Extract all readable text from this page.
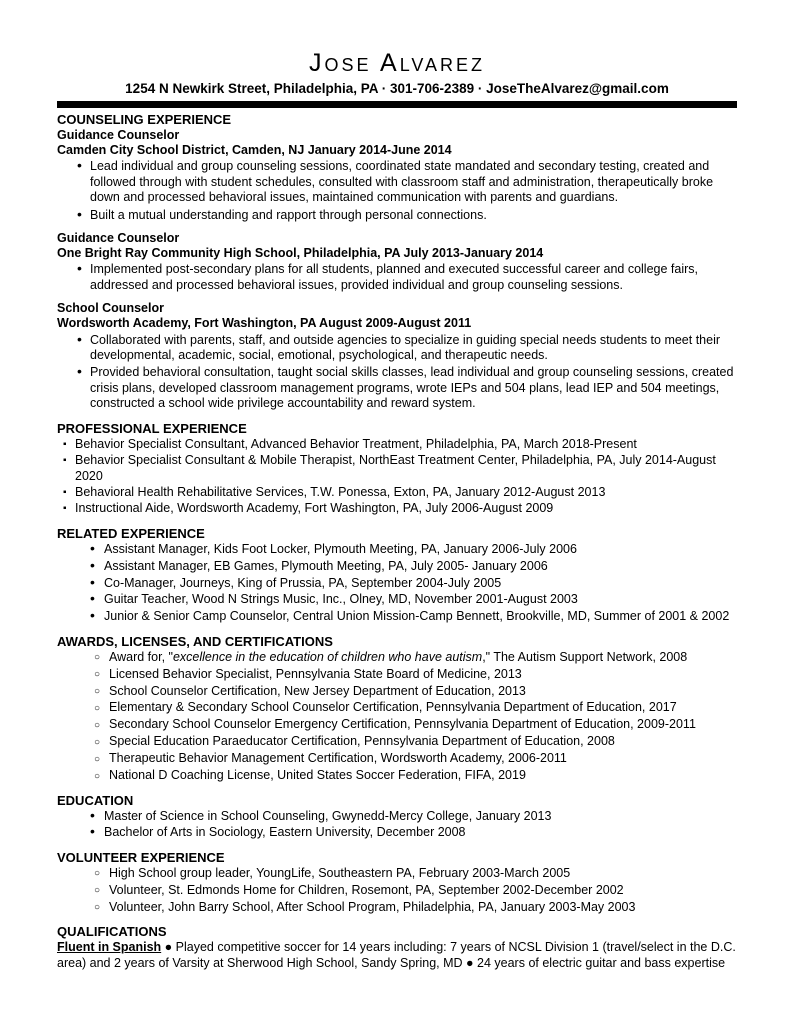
Jose Alvarez
1254 N Newkirk Street, Philadelphia, PA · 301-706-2389 · JoseTheAlvarez@gmail.com
COUNSELING EXPERIENCE

Guidance Counselor

Camden City School District, Camden, NJ January 2014-June 2014

• Lead individual and group counseling sessions, coordinated state mandated and secondary testing, created and followed through with student schedules, consulted with classroom staff and administration, therapeutically broke down and processed behavioral issues, maintained communication with parents and guardians.
• Built a mutual understanding and rapport through personal connections.

Guidance Counselor

One Bright Ray Community High School, Philadelphia, PA July 2013-January 2014

• Implemented post-secondary plans for all students, planned and executed successful career and college fairs, addressed and processed behavioral issues, provided individual and group counseling sessions.

School Counselor

Wordsworth Academy, Fort Washington, PA August 2009-August 2011

• Collaborated with parents, staff, and outside agencies to specialize in guiding special needs students to meet their developmental, academic, social, emotional, psychological, and therapeutic needs.
• Provided behavioral consultation, taught social skills classes, lead individual and group counseling sessions, created crisis plans, developed classroom management programs, wrote IEPs and 504 plans, lead IEP and 504 meetings, constructed a school wide privilege accountability and reward system.
PROFESSIONAL EXPERIENCE
▪ Behavior Specialist Consultant, Advanced Behavior Treatment, Philadelphia, PA, March 2018-Present
▪ Behavior Specialist Consultant & Mobile Therapist, NorthEast Treatment Center, Philadelphia, PA, July 2014-August 2020
▪ Behavioral Health Rehabilitative Services, T.W. Ponessa, Exton, PA, January 2012-August 2013
▪ Instructional Aide, Wordsworth Academy, Fort Washington, PA, July 2006-August 2009
RELATED EXPERIENCE
• Assistant Manager, Kids Foot Locker, Plymouth Meeting, PA, January 2006-July 2006
• Assistant Manager, EB Games, Plymouth Meeting, PA, July 2005- January 2006
• Co-Manager, Journeys, King of Prussia, PA, September 2004-July 2005
• Guitar Teacher, Wood N Strings Music, Inc., Olney, MD, November 2001-August 2003
• Junior & Senior Camp Counselor, Central Union Mission-Camp Bennett, Brookville, MD, Summer of 2001 & 2002
AWARDS, LICENSES, AND CERTIFICATIONS
○ Award for, "excellence in the education of children who have autism," The Autism Support Network, 2008
○ Licensed Behavior Specialist, Pennsylvania State Board of Medicine, 2013
○ School Counselor Certification, New Jersey Department of Education, 2013
○ Elementary & Secondary School Counselor Certification, Pennsylvania Department of Education, 2017
○ Secondary School Counselor Emergency Certification, Pennsylvania Department of Education, 2009-2011
○ Special Education Paraeducator Certification, Pennsylvania Department of Education, 2008
○ Therapeutic Behavior Management Certification, Wordsworth Academy, 2006-2011
○ National D Coaching License, United States Soccer Federation, FIFA, 2019
EDUCATION
• Master of Science in School Counseling, Gwynedd-Mercy College, January 2013
• Bachelor of Arts in Sociology, Eastern University, December 2008
VOLUNTEER EXPERIENCE
○ High School group leader, YoungLife, Southeastern PA, February 2003-March 2005
○ Volunteer, St. Edmonds Home for Children, Rosemont, PA, September 2002-December 2002
○ Volunteer, John Barry School, After School Program, Philadelphia, PA, January 2003-May 2003
QUALIFICATIONS

Fluent in Spanish ● Played competitive soccer for 14 years including: 7 years of NCSL Division 1 (travel/select in the D.C. area) and 2 years of Varsity at Sherwood High School, Sandy Spring, MD ● 24 years of electric guitar and bass expertise
